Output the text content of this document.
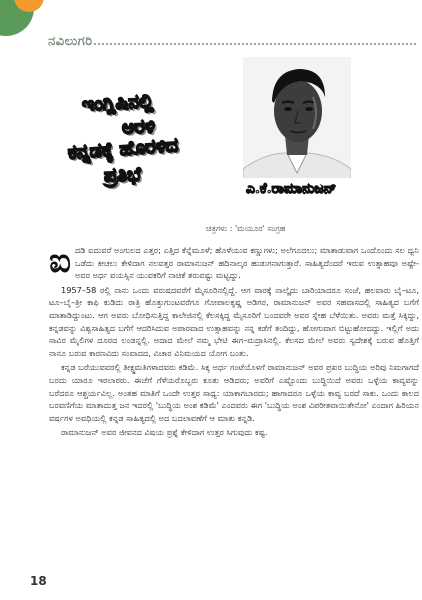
ನವಿಲುಗರಿ
ಇಂಗ್ಲಿಷಿನಲ್ಲಿ
ಅರಳಿ
ಕನ್ನಡಕ್ಕೆ ಹೊರಳಿದ
ಪ್ರತಿಭೆ
ಎ.ಕೆ.ರಾಮಾನುಜನ್
ಚಿತ್ರಗಳು : 'ಮಯೂರ' ಸಂಗ್ರಹ

ಐದಡಿ ಐದುವರೆ ಅಂಗುಲದ ಎತ್ತರ; ಎತ್ತಿದ ಕೆನ್ನೆಮೂಳೆ; ಹೊಳೆಯುವ ಕಣ್ಣುಗಳು; ಅಲೆಗೂದಲು; ಮಾತಾಡುವಾಗ ಒಂದೊಂದು ಸಲ ಧ್ವನಿ ಒಡೆದು ಕೀಚಲು ಕೇಳಿದಾಗ ನಲವತ್ತರ ರಾಮಾನುಜನ್ ಹದಿನಾಲ್ಕರ ಹುಡುಗನಾಗುತ್ತಾರೆ. ಸಾಹಿತ್ಯದೆಂದರೆ ಇರುವ ಉತ್ಸಾಹವೂ ಅಷ್ಟೇ-ಅವರ ಅರ್ಧ ವಯಸ್ಸಿನ ಯುವಕರಿಗೆ ನಾಚಿಕೆ ತರುವಷ್ಟು ಮಟ್ಟದ್ದು.

1957–58 ರಲ್ಲಿ ನಾನು ಒಂದು ವರುಷದವರೆಗೆ ಮೈಸೂರಿನಲ್ಲಿದ್ದೆ. ಆಗ ವಾರಕ್ಕೆ ನಾಲ್ಕೈದು ಬಾರಿಯಾದರೂ ಸಂಜೆ, ಹಲವಾರು ಬೈ–ಟೂ, ಟೂ–ಬೈ–ತ್ರೀ ಕಾಫಿ ಕುಡಿದು ರಾತ್ರಿ ಹೊತ್ತುಗುಂಟವರೆಗೂ ಗೋಪಾಲಕೃಷ್ಣ ಅಡಿಗರ, ರಾಮಾನುಜನ್ ಅವರ ಸಹವಾಸದಲ್ಲಿ ಸಾಹಿತ್ಯದ ಬಗೆಗೆ ಮಾತಾಡಿದ್ದುಂಟು. ಆಗ ಅವರು ಬೋಧಿಸುತ್ತಿದ್ದ ಕಾಲೇಜಿನಲ್ಲಿ ಕೆಲಸಕ್ಕಿದ್ದ ಮೈಸೂರಿಗೆ ಬಂದವರೇ ಅವರ ಸ್ನೇಹ ಬೆಳೆಯಿತು. ಅವರು ಮತ್ತೆ ಸಿಕ್ಕಿದ್ದು, ಕನ್ನಡವನ್ನು ವಿಶ್ವಸಾಹಿತ್ಯದ ಬಗೆಗೆ ಆದರಿಸಿದುವ ಅಪಾರವಾದ ಉತ್ಸಾಹವನ್ನು ನನ್ನ ಕಡೆಗೆ ತಂದಿದ್ದು, ಹೋಗುವಾಗ ಬಿಟ್ಟುಹೋದದ್ದು. ಇಲ್ಲಿಗೆ ಅದು ಸಾವಿರ ಮೈಲಿಗಳ ದೂರದ ಲಂಡನ್ನಲ್ಲಿ. ಅದಾದ ಮೇಲೆ ನಮ್ಮ ಭೇಟಿ ಈಗ–ಮದ್ರಾಸಿನಲ್ಲಿ. ಕೆಲಸದ ಮೇಲೆ ಅವರು ಸ್ವದೇಶಕ್ಕೆ ಬರುವ ಹೊತ್ತಿಗೆ ನಾನೂ ಬರುವ ಕಾರಣವಿದು ಸಂವಾದದ, ವಿಚಾರ ವಿನಿಮಯದ ಯೋಗ ಬಂತು.

ಕನ್ನಡ ಬರೆಯುವವರಲ್ಲಿ ತೀಕ್ಷ್ಣಮತಿಗಳಾದವರು ಕಡಿಮೆ. ಸಿಕ್ಕ ಅರ್ಧ ಗಂಟೆಯೊಳಗೆ ರಾಮಾನುಜನ್ ಅವರ ಪ್ರಖರ ಬುದ್ಧಿಯ ಅರಿವು ನಿಮಗಾಗದೆ ಬರದು ಯಾರೂ ಇರಲಾರರು. ಈಚೆಗೆ ಗೆಳೆಯರೊಬ್ಬರು ಕೂತು ಆಡಿದರು; ಅವರಿಗೆ ಎಷ್ಟೊಂದು ಬುದ್ಧಿಯಿದೆ ಅವರು ಒಳ್ಳೆಯ ಕಾವ್ಯವನ್ನು ಬರೆದರೂ ಆಶ್ಚರ್ಯವಿಲ್ಲ. ಅಂತಹ ಮಾತಿಗೆ ಒಂದೇ ಉತ್ತರ ಸಾಧ್ಯ: ಯಾಕಾಗಬಾರದು; ಹಾಗಾದರೂ ಒಳ್ಳೆಯ ಕಾವ್ಯ ಬರದೆ ಸಾಕು. ಒಂದು ಕಾಲದ ಬರವಣಿಗೆಯ ಮಾತಾದುತ್ತ ಜನ ಇದರಲ್ಲಿ 'ಬುದ್ಧಿಯ ಅಂಶ ಕಡಿಮೆ' ಎಂದವರು ಈಗ 'ಬುದ್ಧಿಯ ಅಂಶ ವಿಪರೀತವಾಯಿತೇನೋ' ಎಂದಾಗ ಹಿರಿಯನ ವರ್ಷಗಳ ಅವಧಿಯಲ್ಲಿ ಕನ್ನಡ ಸಾಹಿತ್ಯದಲ್ಲಿ ಅದ ಬದಲಾವಣೆಗೆ ಆ ಮಾತು ಕನ್ನಡಿ.

ರಾಮಾನುಜನ್ ಅವರ ಜೀವನದ ವಿಷಯ ಪ್ರಶ್ನೆ ಕೇಳಿದಾಗ ಉತ್ತರ ಸಿಗುವುದು ಕಷ್ಟ.

18
